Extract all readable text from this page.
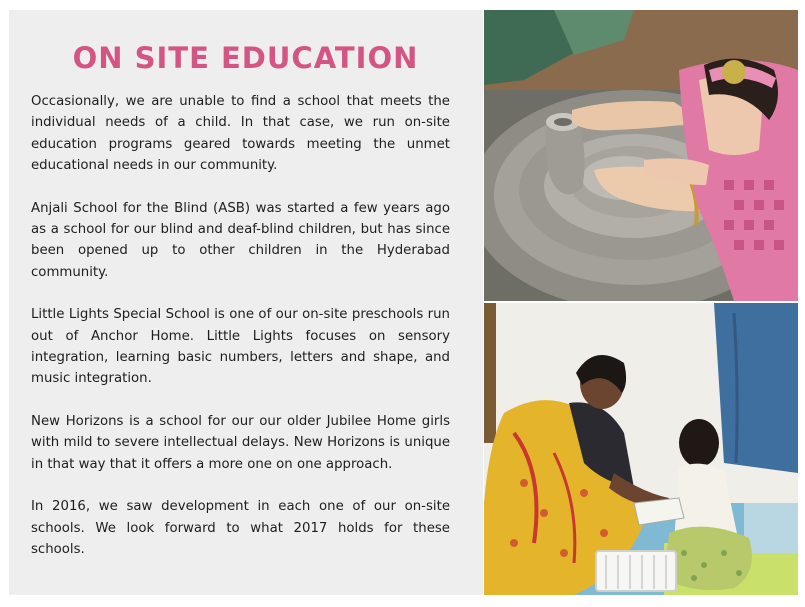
ON SITE EDUCATION

Occasionally, we are unable to find a school that meets the individual needs of a child. In that case, we run on-site education programs geared towards meeting the unmet educational needs in our community.

Anjali School for the Blind (ASB) was started a few years ago as a school for our blind and deaf-blind children, but has since been opened up to other children in the Hyderabad community.

Little Lights Special School is one of our on-site preschools run out of Anchor Home. Little Lights focuses on sensory integration, learning basic numbers, letters and shape, and music integration.

New Horizons is a school for our our older Jubilee Home girls with mild to severe intellectual delays. New Horizons is unique in that way that it offers a more one on one approach.

In 2016, we saw development in each one of our on-site schools. We look forward to what 2017 holds for these schools.
